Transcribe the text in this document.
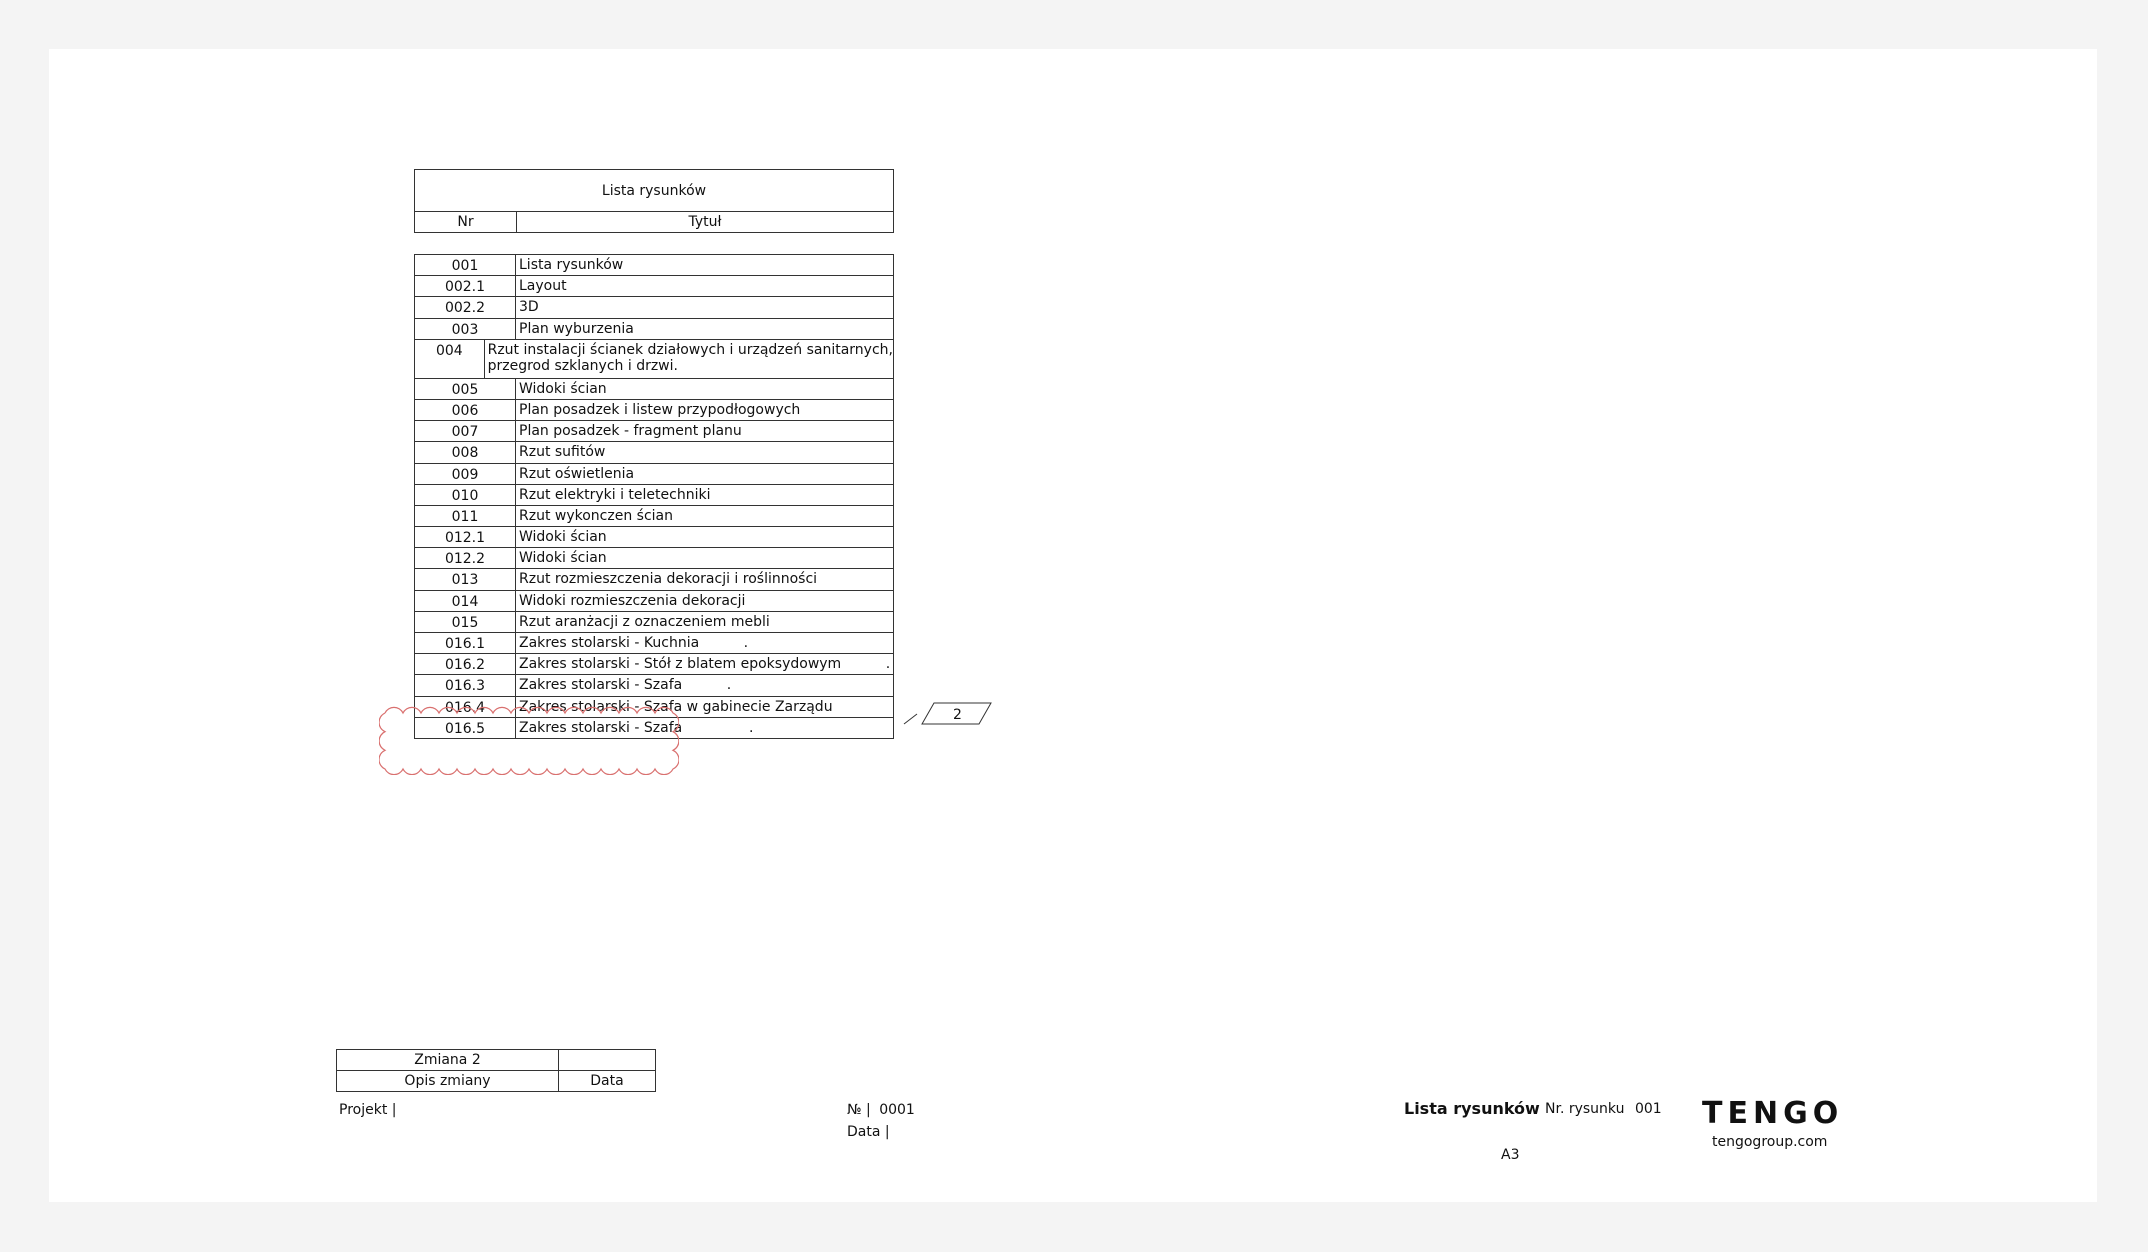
Lista rysunków
Nr	Tytuł
001	Lista rysunków
002.1	Layout
002.2	3D
003	Plan wyburzenia
004	Rzut instalacji ścianek działowych i urządzeń sanitarnych,
przegrod szklanych i drzwi.
005	Widoki ścian
006	Plan posadzek i listew przypodłogowych
007	Plan posadzek - fragment planu
008	Rzut sufitów
009	Rzut oświetlenia
010	Rzut elektryki i teletechniki
011	Rzut wykonczen ścian
012.1	Widoki ścian
012.2	Widoki ścian
013	Rzut rozmieszczenia dekoracji i roślinności
014	Widoki rozmieszczenia dekoracji
015	Rzut aranżacji z oznaczeniem mebli
016.1	Zakres stolarski - Kuchnia          .
016.2	Zakres stolarski - Stół z blatem epoksydowym          .
016.3	Zakres stolarski - Szafa          .
016.4	Zakres stolarski - Szafa w gabinecie Zarządu
016.5	Zakres stolarski - Szafa               .
2
Zmiana 2
Opis zmiany	Data
Projekt |	№ | 0001
Data |
Lista rysunków Nr. rysunku 001
A3
TENGO
tengogroup.com
